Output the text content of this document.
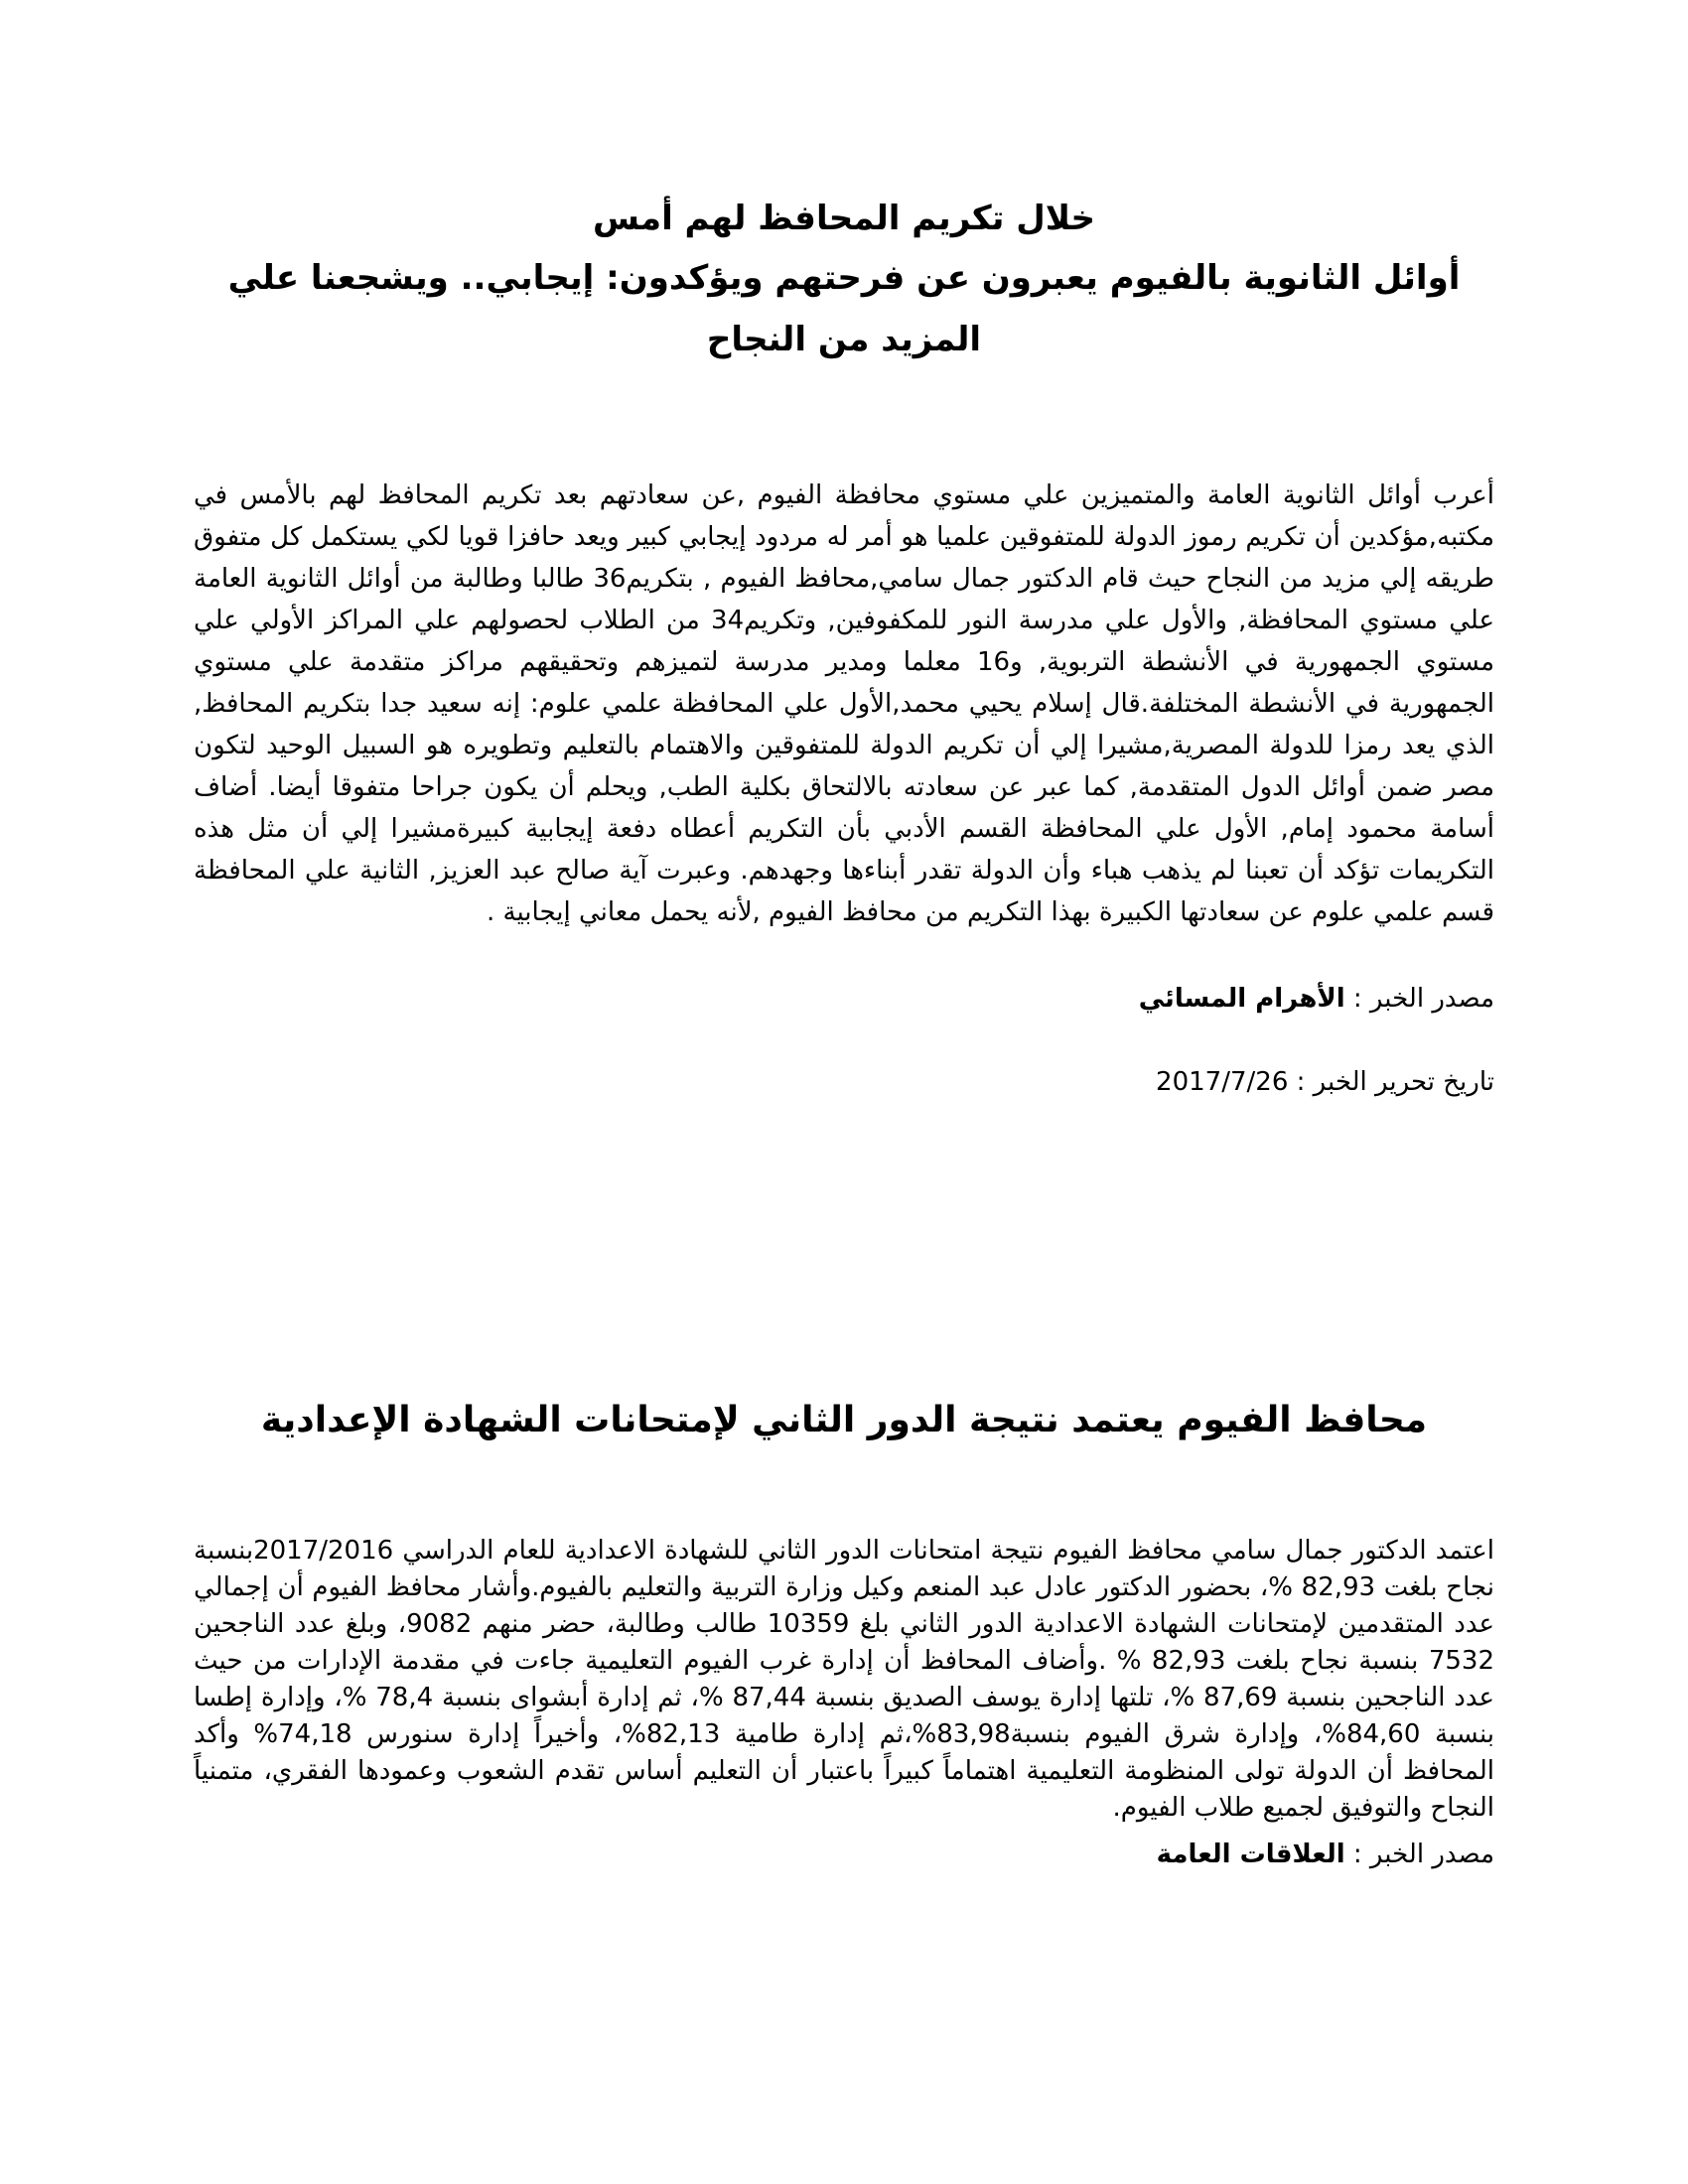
خلال تكريم المحافظ لهم أمس

أوائل الثانوية بالفيوم يعبرون عن فرحتهم ويؤكدون: إيجابي.. ويشجعنا علي المزيد من النجاح

أعرب أوائل الثانوية العامة والمتميزين علي مستوي محافظة الفيوم ,عن سعادتهم بعد تكريم المحافظ لهم بالأمس في مكتبه,مؤكدين أن تكريم رموز الدولة للمتفوقين علميا هو أمر له مردود إيجابي كبير ويعد حافزا قويا لكي يستكمل كل متفوق طريقه إلي مزيد من النجاح حيث قام الدكتور جمال سامي,محافظ الفيوم , بتكريم36 طالبا وطالبة من أوائل الثانوية العامة علي مستوي المحافظة, والأول علي مدرسة النور للمكفوفين, وتكريم34 من الطلاب لحصولهم علي المراكز الأولي علي مستوي الجمهورية في الأنشطة التربوية, و16 معلما ومدير مدرسة لتميزهم وتحقيقهم مراكز متقدمة علي مستوي الجمهورية في الأنشطة المختلفة.قال إسلام يحيي محمد,الأول علي المحافظة علمي علوم: إنه سعيد جدا بتكريم المحافظ, الذي يعد رمزا للدولة المصرية,مشيرا إلي أن تكريم الدولة للمتفوقين والاهتمام بالتعليم وتطويره هو السبيل الوحيد لتكون مصر ضمن أوائل الدول المتقدمة, كما عبر عن سعادته بالالتحاق بكلية الطب, ويحلم أن يكون جراحا متفوقا أيضا. أضاف أسامة محمود إمام, الأول علي المحافظة القسم الأدبي بأن التكريم أعطاه دفعة إيجابية كبيرةمشيرا إلي أن مثل هذه التكريمات تؤكد أن تعبنا لم يذهب هباء وأن الدولة تقدر أبناءها وجهدهم. وعبرت آية صالح عبد العزيز, الثانية علي المحافظة قسم علمي علوم عن سعادتها الكبيرة بهذا التكريم من محافظ الفيوم ,لأنه يحمل معاني إيجابية .

مصدر الخبر : الأهرام المسائي

تاريخ تحرير الخبر : 2017/7/26

محافظ الفيوم يعتمد نتيجة الدور الثاني لإمتحانات الشهادة الإعدادية

اعتمد الدكتور جمال سامي محافظ الفيوم نتيجة امتحانات الدور الثاني للشهادة الاعدادية للعام الدراسي 2017/2016بنسبة نجاح بلغت 82,93 %، بحضور الدكتور عادل عبد المنعم وكيل وزارة التربية والتعليم بالفيوم.وأشار محافظ الفيوم أن إجمالي عدد المتقدمين لإمتحانات الشهادة الاعدادية الدور الثاني بلغ 10359 طالب وطالبة، حضر منهم 9082، وبلغ عدد الناجحين 7532 بنسبة نجاح بلغت 82,93 % .وأضاف المحافظ أن إدارة غرب الفيوم التعليمية جاءت في مقدمة الإدارات من حيث عدد الناجحين بنسبة 87,69 %، تلتها إدارة يوسف الصديق بنسبة 87,44 %، ثم إدارة أبشواى بنسبة 78,4 %، وإدارة إطسا بنسبة 84,60%، وإدارة شرق الفيوم بنسبة83,98%،ثم إدارة طامية 82,13%، وأخيراً إدارة سنورس 74,18% وأكد المحافظ أن الدولة تولى المنظومة التعليمية اهتماماً كبيراً باعتبار أن التعليم أساس تقدم الشعوب وعمودها الفقري، متمنياً النجاح والتوفيق لجميع طلاب الفيوم.

مصدر الخبر : العلاقات العامة
